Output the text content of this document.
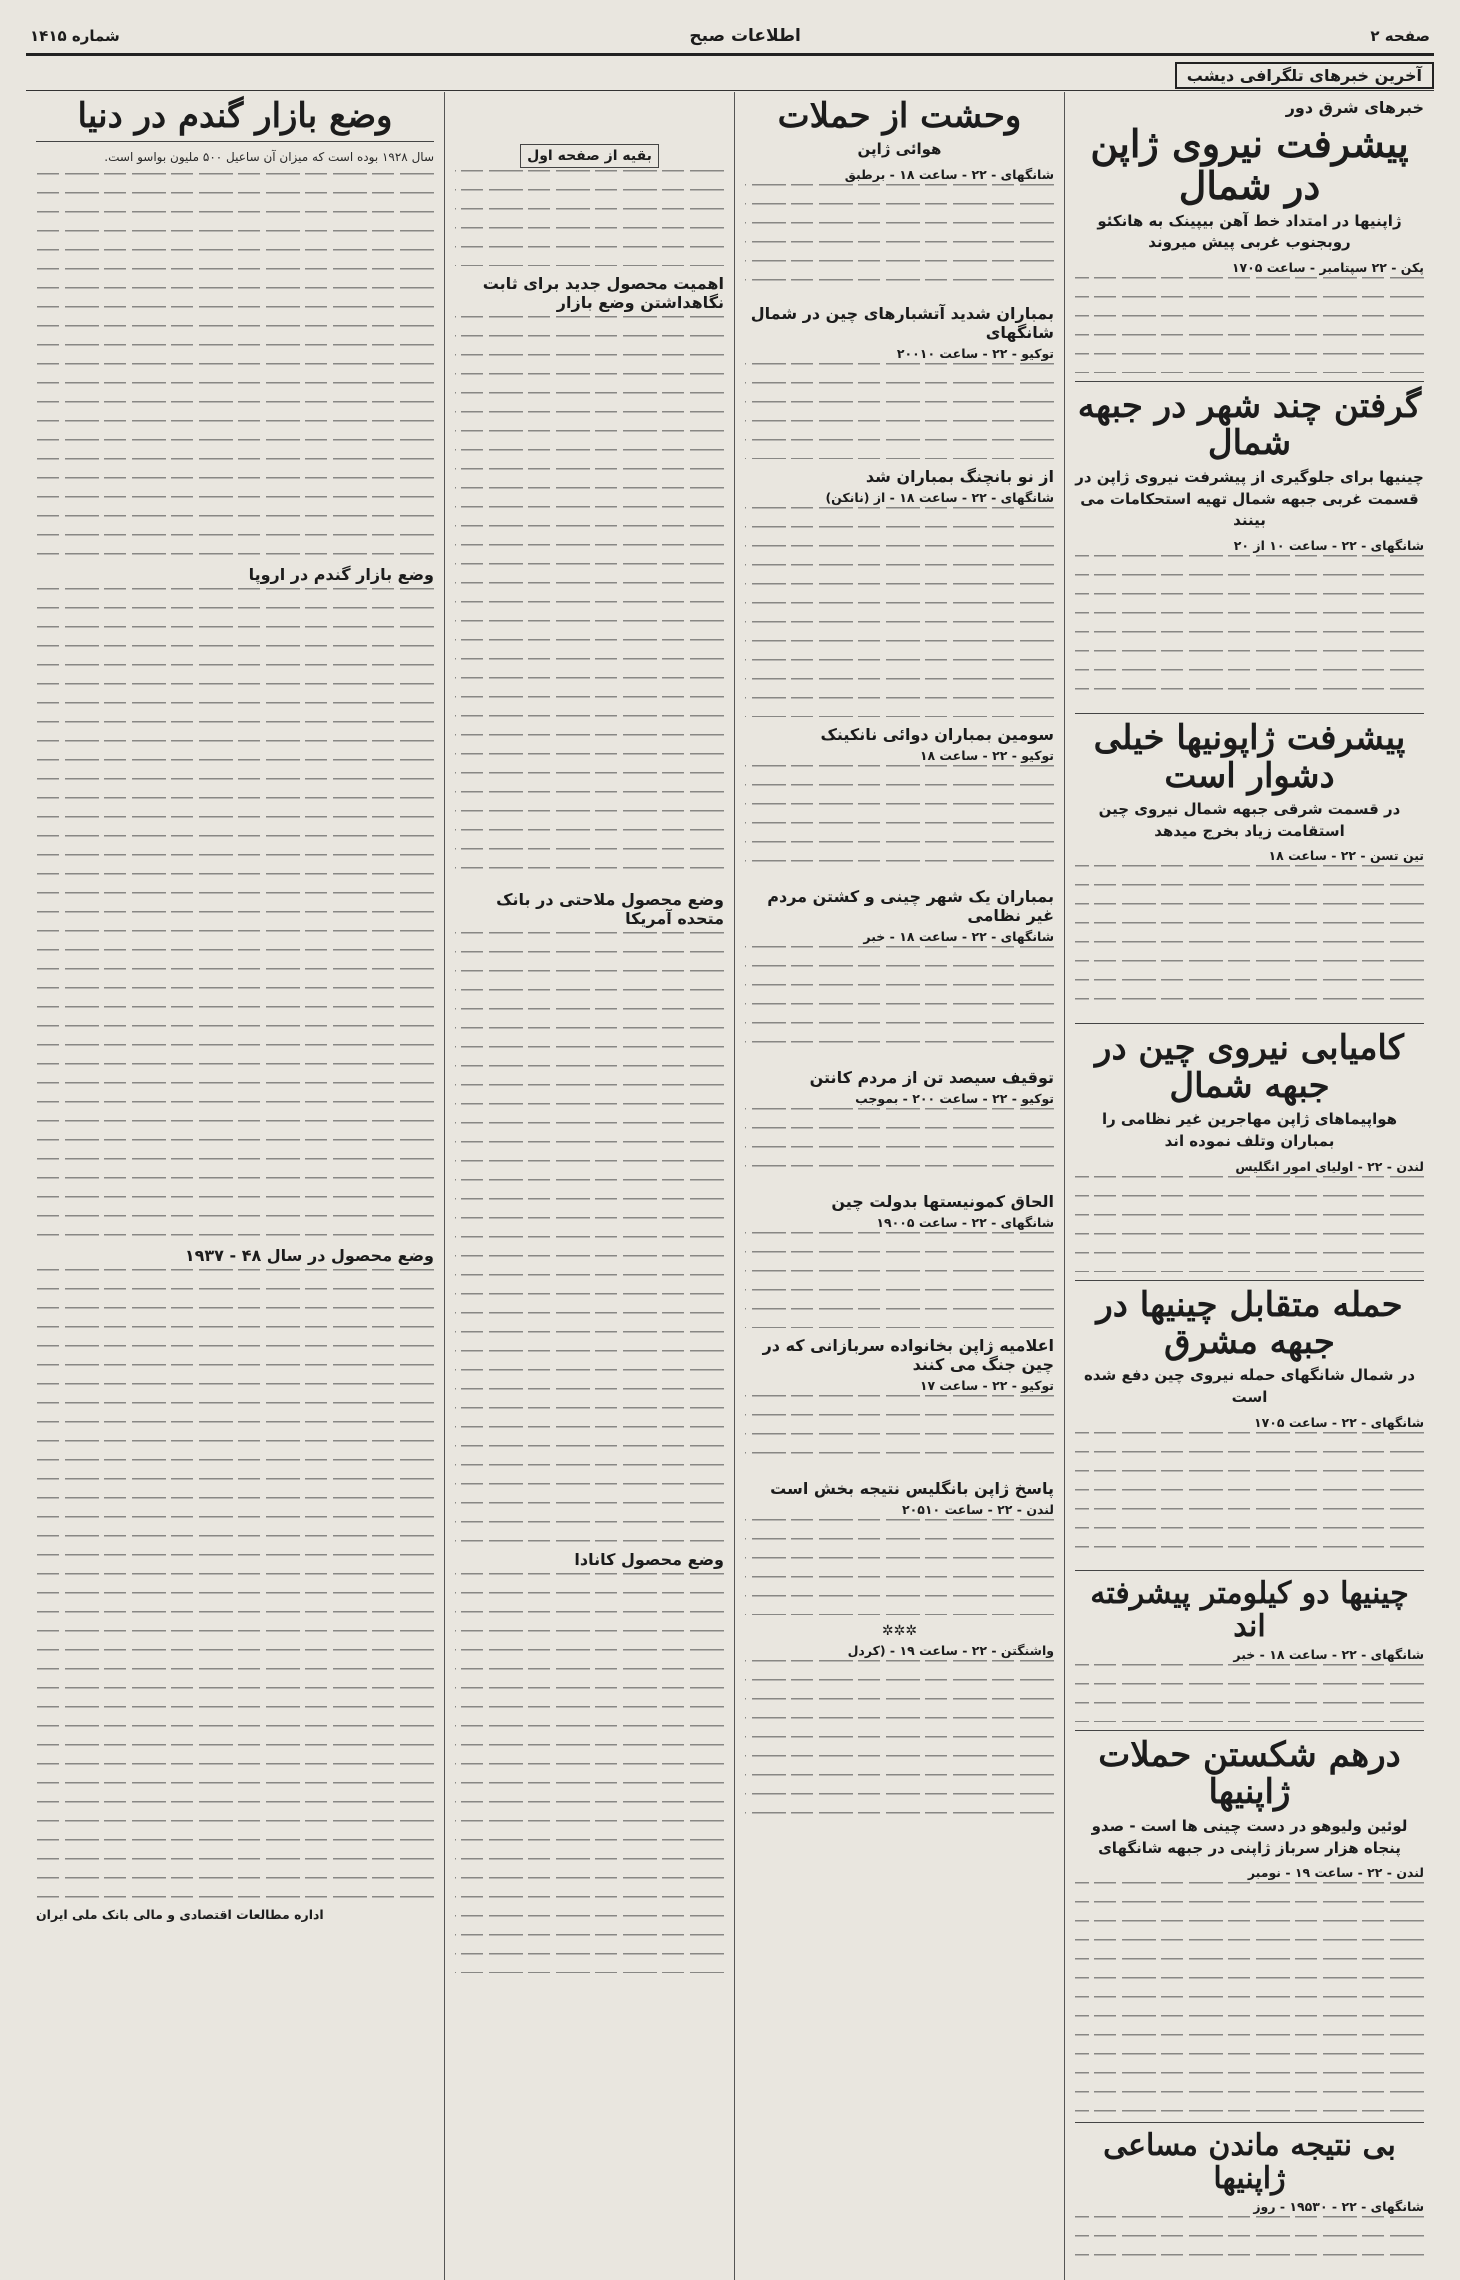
صفحه ۲
اطلاعات صبح
شماره ۱۴۱۵
آخرین خبرهای تلگرافی دیشب
خبرهای شرق دور
پیشرفت نیروی ژاپن در شمال
ژاپنیها در امتداد خط آهن بیپینک به هانکئو روبجنوب غربی پیش میروند
پکن - ۲۲ سپتامبر - ساعت ۱۷۰۵
گرفتن چند شهر در جبهه شمال
چینیها برای جلوگیری از پیشرفت نیروی ژاپن در قسمت غربی جبهه شمال تهیه استحکامات می بینند
شانگهای - ۲۲ - ساعت ۱۰ از ۲۰
پیشرفت ژاپونیها خیلی دشوار است
در قسمت شرقی جبهه شمال نیروی چین استقامت زیاد بخرج میدهد
تین تسن - ۲۲ - ساعت ۱۸
کامیابی نیروی چین در جبهه شمال
هواپیماهای ژاپن مهاجرین غیر نظامی را بمباران وتلف نموده اند
لندن - ۲۲ - اولیای امور انگلیس
حمله متقابل چینیها در جبهه مشرق
در شمال شانگهای حمله نیروی چین دفع شده است
شانگهای - ۲۲ - ساعت ۱۷۰۵
چینیها دو کیلومتر پیشرفته اند
شانگهای - ۲۲ - ساعت ۱۸ - خبر
درهم شکستن حملات ژاپنیها
لوئین ولیوهو در دست چینی ها است - صدو پنجاه هزار سرباز ژاپنی در جبهه شانگهای
لندن - ۲۲ - ساعت ۱۹ - نومبر
بی نتیجه ماندن مساعی ژاپنیها
شانگهای - ۲۲ - ۱۹۵۳۰ - روز
وحشت از حملات
هوائی ژاپن
شانگهای - ۲۲ - ساعت ۱۸ - برطبق
بمباران شدید آتشبارهای چین در شمال شانگهای
توکیو - ۲۲ - ساعت ۲۰۰۱۰
از نو بانچنگ بمباران شد
شانگهای - ۲۲ - ساعت ۱۸ - از (نانکن)
سومین بمباران دوائی نانکینک
توکیو - ۲۲ - ساعت ۱۸
بمباران یک شهر چینی و کشتن مردم غیر نظامی
شانگهای - ۲۲ - ساعت ۱۸ - خبر
توقیف سیصد تن از مردم کانتن
توکیو - ۲۲ - ساعت ۲۰۰ - بموجب
الحاق کمونیستها بدولت چین
شانگهای - ۲۲ - ساعت ۱۹۰۰۵
اعلامیه ژاپن بخانواده سربازانی که در چین جنگ می کنند
توکیو - ۲۲ - ساعت ۱۷
پاسخ ژاپن بانگلیس نتیجه بخش است
لندن - ۲۲ - ساعت ۲۰۵۱۰
✲✲✲
واشنگتن - ۲۲ - ساعت ۱۹ - (کردل
بقیه از صفحه اول
اهمیت محصول جدید برای ثابت نگاهداشتن وضع بازار
وضع محصول ملاحتی در بانک متحده آمریکا
وضع محصول کانادا
وضع بازار گندم در دنیا
سال ۱۹۲۸ بوده است که میزان آن ساعیل ۵۰۰ ملیون بواسو است.
وضع بازار گندم در اروپا
وضع محصول در سال ۴۸ - ۱۹۳۷
اداره مطالعات اقتصادی و مالی بانک ملی ایران
